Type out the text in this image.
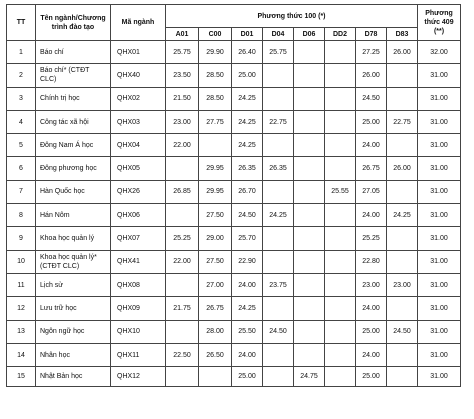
TT	Tên ngành/Chương trình đào tạo	Mã ngành	Phương thức 100 (*)								Phương thức 409 (**)
			A01	C00	D01	D04	D06	DD2	D78	D83	
1	Báo chí	QHX01	25.75	29.90	26.40	25.75			27.25	26.00	32.00
2	Báo chí* (CTĐT CLC)	QHX40	23.50	28.50	25.00				26.00		31.00
3	Chính trị học	QHX02	21.50	28.50	24.25				24.50		31.00
4	Công tác xã hội	QHX03	23.00	27.75	24.25	22.75			25.00	22.75	31.00
5	Đông Nam Á học	QHX04	22.00		24.25				24.00		31.00
6	Đông phương học	QHX05		29.95	26.35	26.35			26.75	26.00	31.00
7	Hàn Quốc học	QHX26	26.85	29.95	26.70			25.55	27.05		31.00
8	Hán Nôm	QHX06		27.50	24.50	24.25			24.00	24.25	31.00
9	Khoa học quản lý	QHX07	25.25	29.00	25.70				25.25		31.00
10	Khoa học quản lý* (CTĐT CLC)	QHX41	22.00	27.50	22.90				22.80		31.00
11	Lịch sử	QHX08		27.00	24.00	23.75			23.00	23.00	31.00
12	Lưu trữ học	QHX09	21.75	26.75	24.25				24.00		31.00
13	Ngôn ngữ học	QHX10		28.00	25.50	24.50			25.00	24.50	31.00
14	Nhân học	QHX11	22.50	26.50	24.00				24.00		31.00
15	Nhật Bản học	QHX12			25.00		24.75		25.00		31.00
